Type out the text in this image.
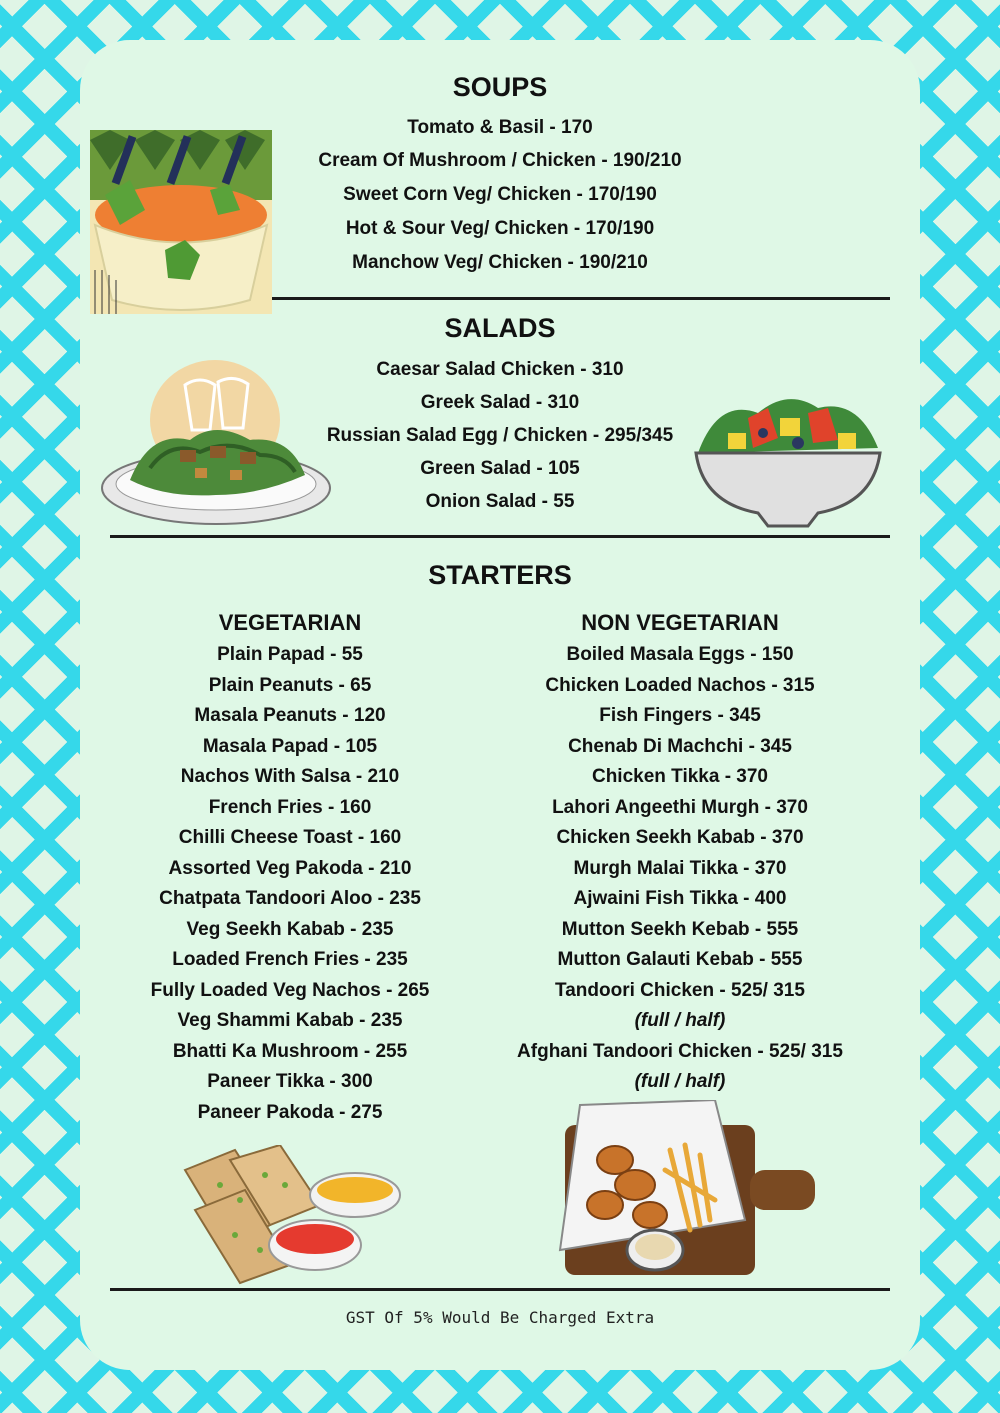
SOUPS

Tomato & Basil - 170

Cream Of Mushroom / Chicken - 190/210

Sweet Corn Veg/ Chicken - 170/190

Hot & Sour Veg/ Chicken - 170/190

Manchow Veg/ Chicken - 190/210

SALADS

Caesar Salad Chicken - 310

Greek Salad - 310

Russian Salad Egg / Chicken - 295/345

Green Salad - 105

Onion Salad - 55

STARTERS
VEGETARIAN

Plain Papad - 55

Plain Peanuts - 65

Masala Peanuts - 120

Masala Papad - 105

Nachos With Salsa - 210

French Fries - 160

Chilli Cheese Toast - 160

Assorted Veg Pakoda - 210

Chatpata Tandoori Aloo - 235

Veg Seekh Kabab - 235

Loaded French Fries - 235

Fully Loaded Veg Nachos - 265

Veg Shammi Kabab - 235

Bhatti Ka Mushroom - 255

Paneer Tikka - 300

Paneer Pakoda - 275

NON VEGETARIAN

Boiled Masala Eggs - 150

Chicken Loaded Nachos - 315

Fish Fingers - 345

Chenab Di Machchi - 345

Chicken Tikka - 370

Lahori Angeethi Murgh - 370

Chicken Seekh Kabab - 370

Murgh Malai Tikka - 370

Ajwaini Fish Tikka - 400

Mutton Seekh Kebab - 555

Mutton Galauti Kebab - 555

Tandoori Chicken - 525/ 315

(full / half)

Afghani Tandoori Chicken - 525/ 315

(full / half)

GST Of 5% Would Be Charged Extra
